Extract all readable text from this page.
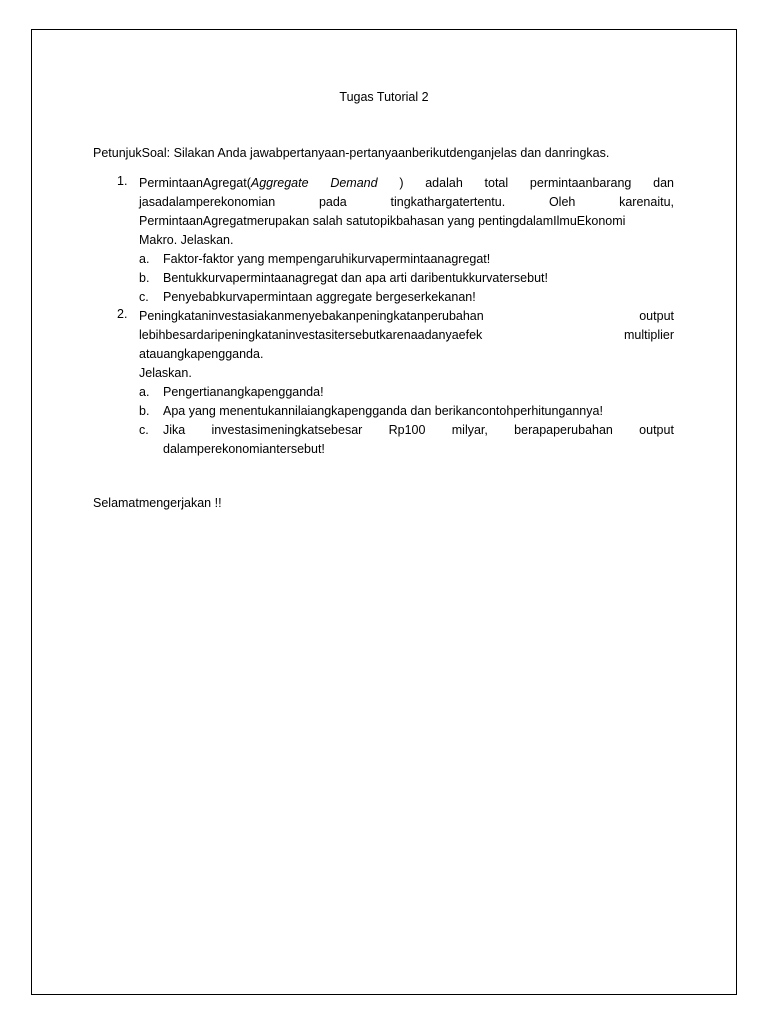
Tugas Tutorial 2
PetunjukSoal: Silakan Anda jawabpertanyaan-pertanyaanberikutdenganjelas dan danringkas.
1. PermintaanAgregat(Aggregate Demand ) adalah total permintaanbarang dan
jasadalamperekonomian	pada	tingkathargatertentu.	Oleh	karenaitu,
PermintaanAgregatmerupakan salah satutopikbahasan yang pentingdalamIlmuEkonomi
Makro. Jelaskan.
a. Faktor-faktor yang mempengaruhikurvapermintaanagregat!
b. Bentukkurvapermintaanagregat dan apa arti daribentukkurvatersebut!
c. Penyebabkurvapermintaan aggregate bergeserkekanan!
2. Peningkataninvestasiakanmenyebakanpeningkatanperubahan	output
lebihbesardaripeningkataninvestasitersebutkarenaadanyaefek	multiplier
atauangkapengganda.
Jelaskan.
a. Pengertianangkapengganda!
b. Apa yang menentukannilaiangkapengganda dan berikancontohperhitungannya!
c. Jika investasimeningkatsebesar Rp100 milyar, berapaperubahan output
dalamperekonomiantersebut!
Selamatmengerjakan !!
